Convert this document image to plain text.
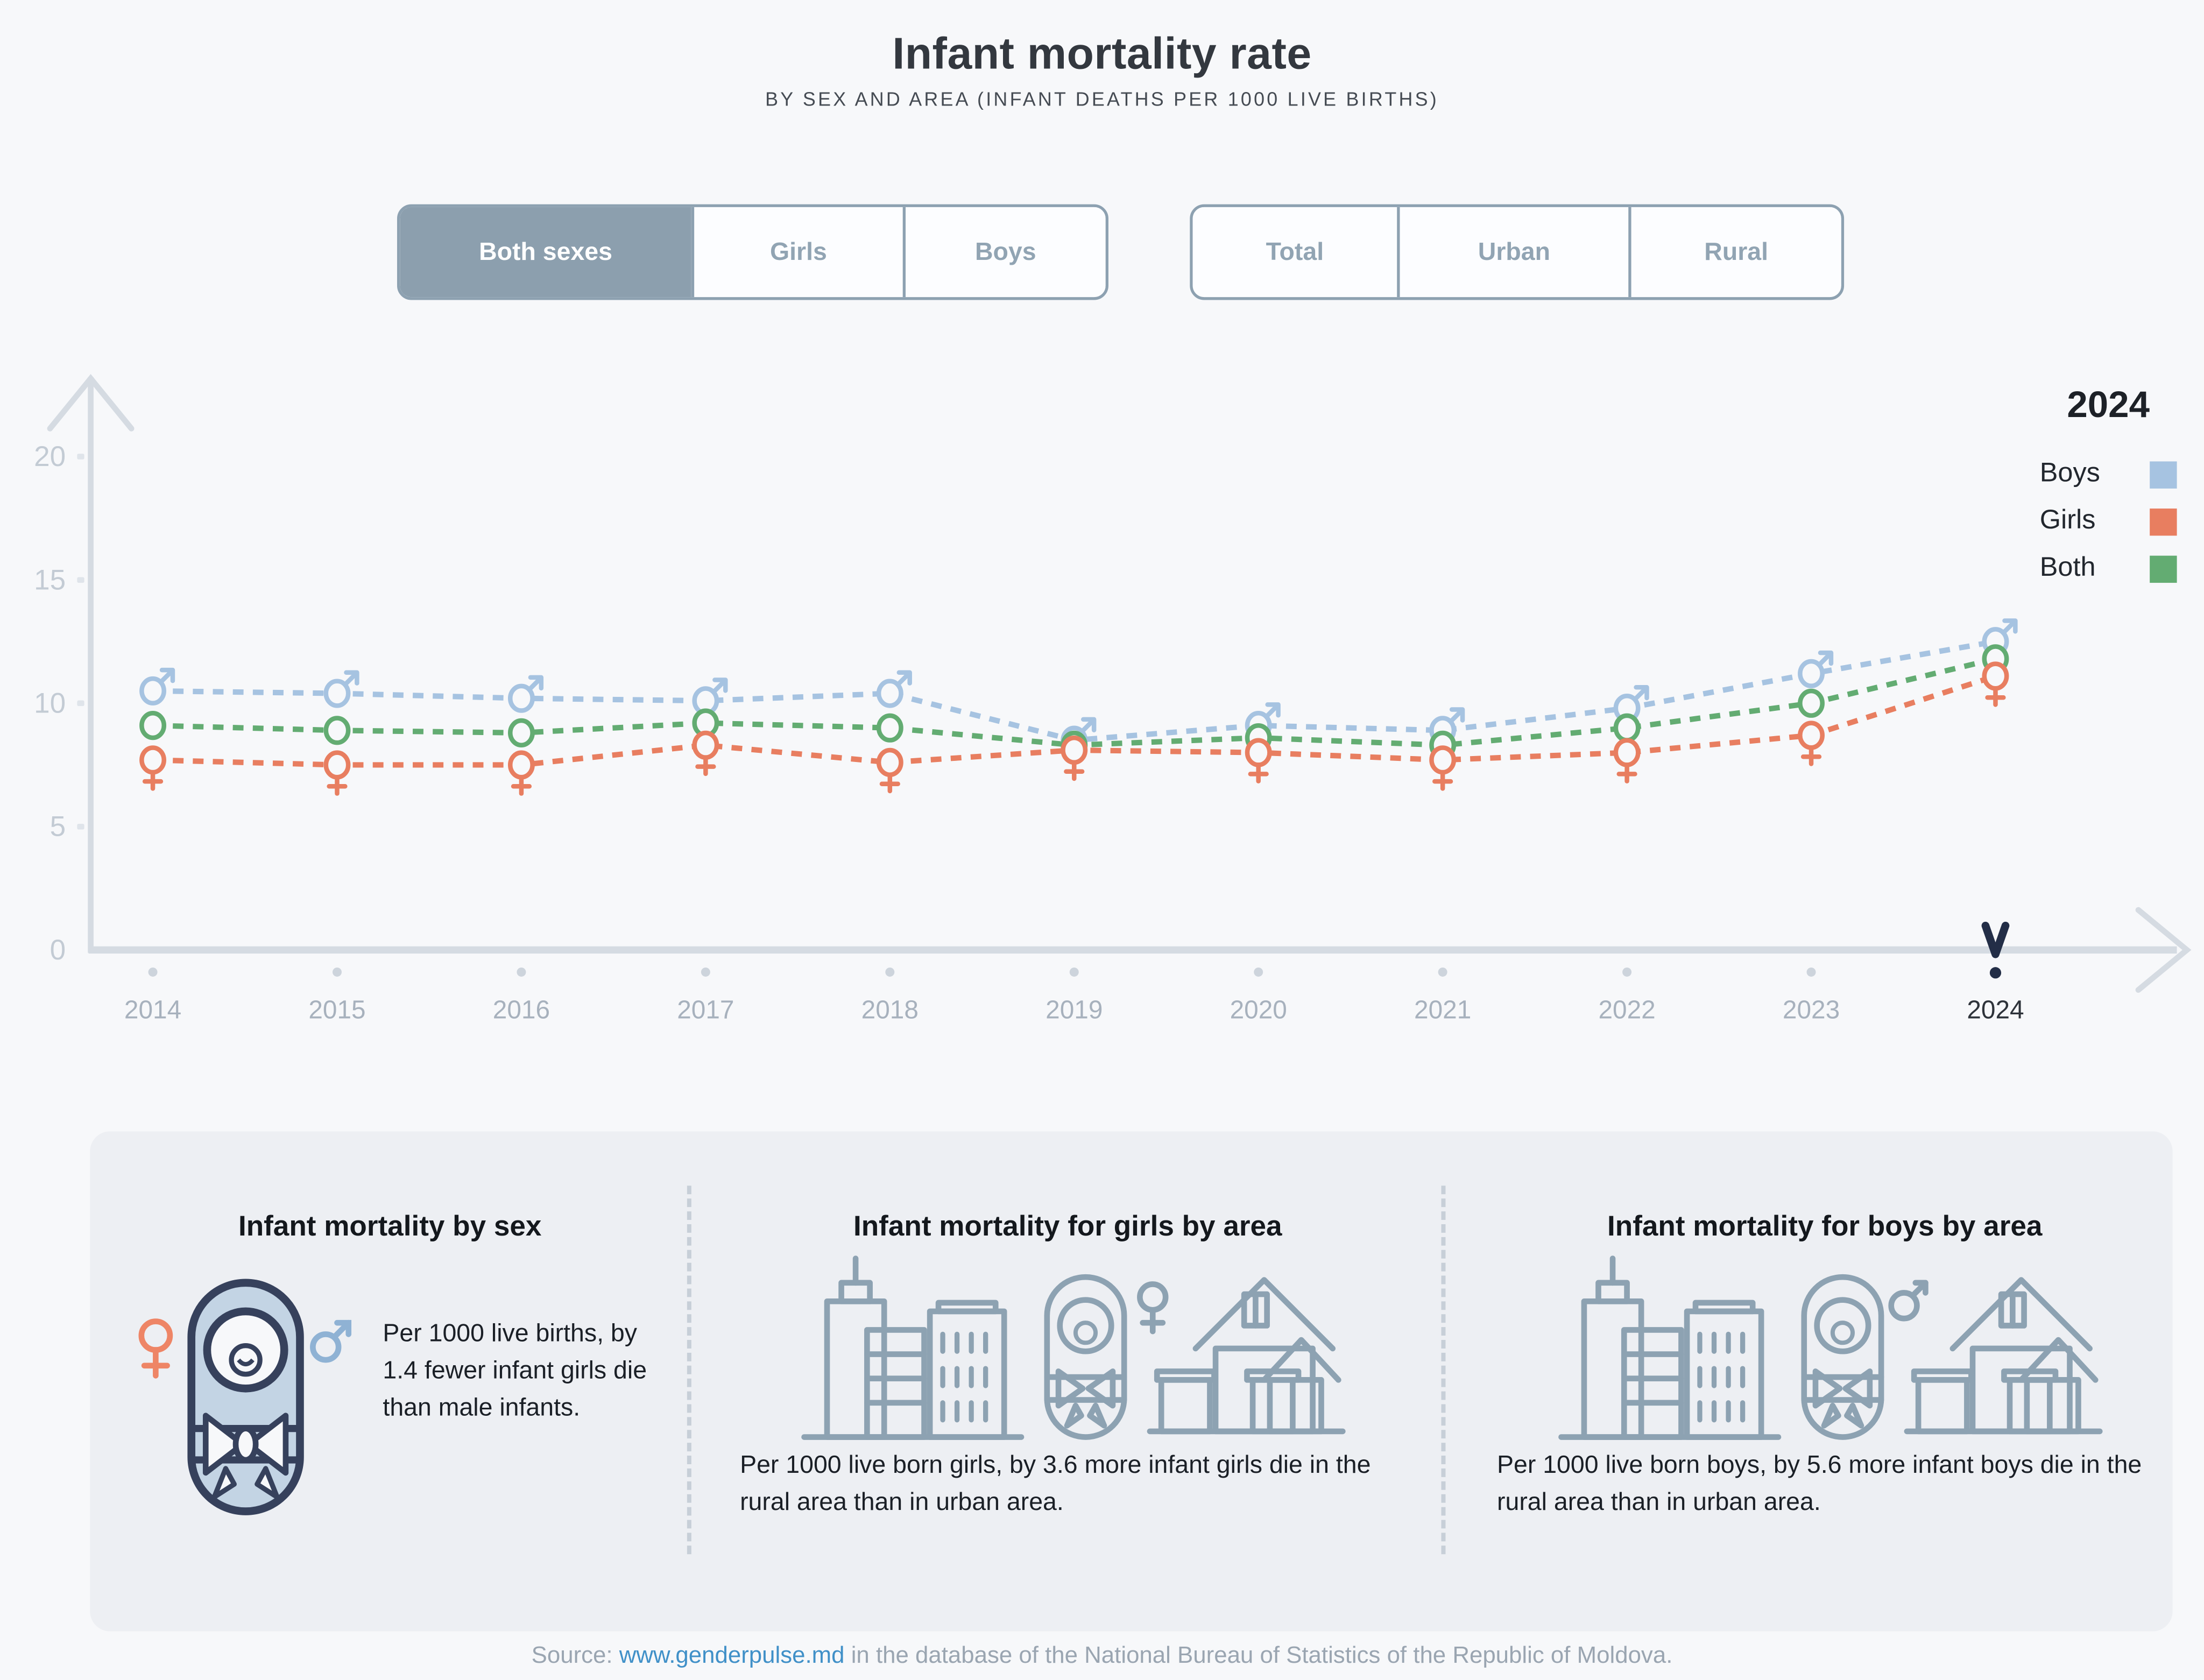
Infant mortality rate
BY SEX AND AREA (INFANT DEATHS PER 1000 LIVE BIRTHS)
Both sexes	Girls	Boys	Total	Urban	Rural
20
15
10
5
0
2014	2015	2016	2017	2018	2019	2020	2021	2022	2023	2024
2024
Boys
Girls
Both
Infant mortality by sex
Per 1000 live births, by 1.4 fewer infant girls die than male infants.
Infant mortality for girls by area
Per 1000 live born girls, by 3.6 more infant girls die in the rural area than in urban area.
Infant mortality for boys by area
Per 1000 live born boys, by 5.6 more infant boys die in the rural area than in urban area.
Source: www.genderpulse.md in the database of the National Bureau of Statistics of the Republic of Moldova.
